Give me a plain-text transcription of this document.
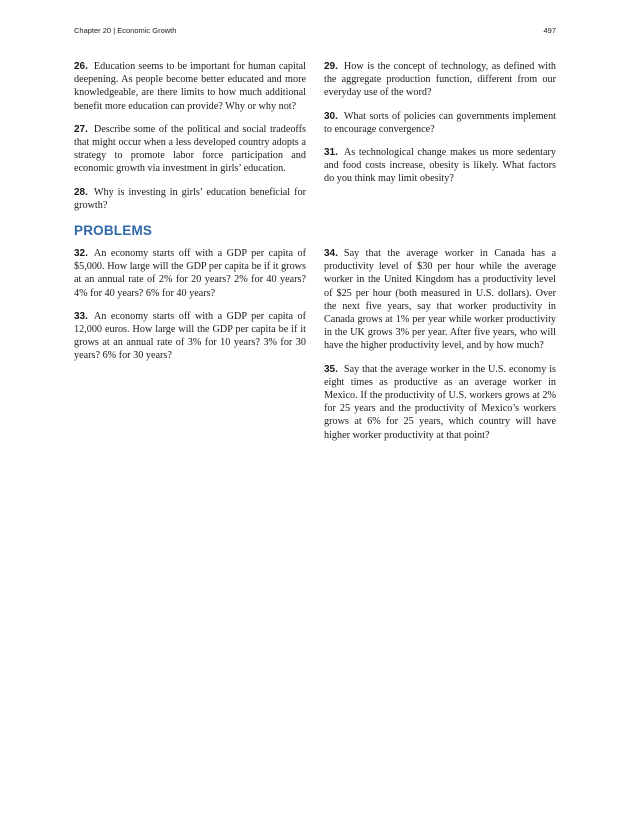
Chapter 20 | Economic Growth	497

26. Education seems to be important for human capital deepening. As people become better educated and more knowledgeable, are there limits to how much additional benefit more education can provide? Why or why not?

27. Describe some of the political and social tradeoffs that might occur when a less developed country adopts a strategy to promote labor force participation and economic growth via investment in girls’ education.

28. Why is investing in girls’ education beneficial for growth?

29. How is the concept of technology, as defined with the aggregate production function, different from our everyday use of the word?

30. What sorts of policies can governments implement to encourage convergence?

31. As technological change makes us more sedentary and food costs increase, obesity is likely. What factors do you think may limit obesity?

PROBLEMS

32. An economy starts off with a GDP per capita of $5,000. How large will the GDP per capita be if it grows at an annual rate of 2% for 20 years? 2% for 40 years? 4% for 40 years? 6% for 40 years?

33. An economy starts off with a GDP per capita of 12,000 euros. How large will the GDP per capita be if it grows at an annual rate of 3% for 10 years? 3% for 30 years? 6% for 30 years?

34. Say that the average worker in Canada has a productivity level of $30 per hour while the average worker in the United Kingdom has a productivity level of $25 per hour (both measured in U.S. dollars). Over the next five years, say that worker productivity in Canada grows at 1% per year while worker productivity in the UK grows 3% per year. After five years, who will have the higher productivity level, and by how much?

35. Say that the average worker in the U.S. economy is eight times as productive as an average worker in Mexico. If the productivity of U.S. workers grows at 2% for 25 years and the productivity of Mexico’s workers grows at 6% for 25 years, which country will have higher worker productivity at that point?
